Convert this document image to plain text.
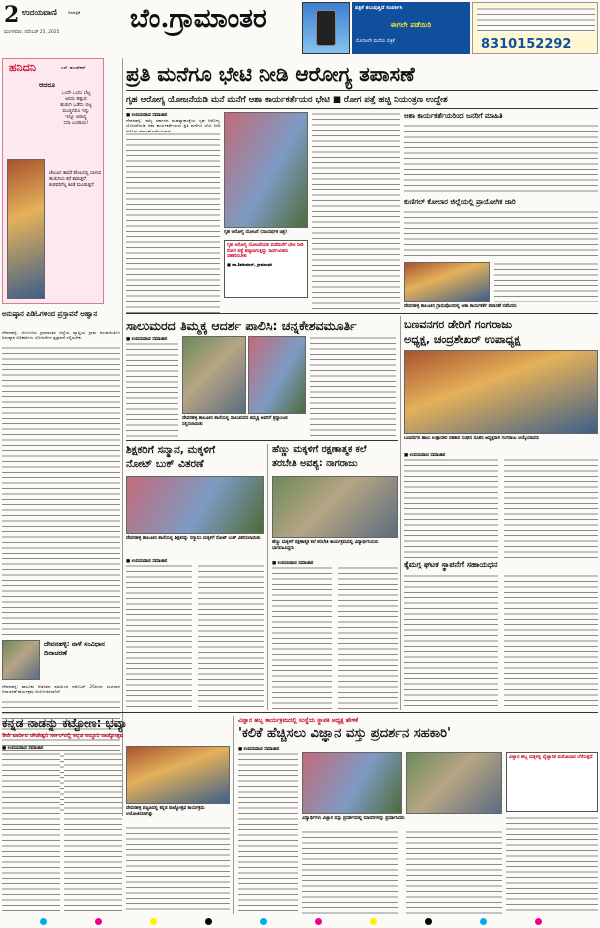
2 ಉದಯವಾಣಿ	ದಿನಪತ್ರಿಕೆ
ಮಂಗಳವಾರ, ನವೆಂಬರ್ 25, 2025	ಬೆಂ.ಗ್ರಾಮಾಂತರ	ಪತ್ರಿಕೆ ತಲುಪುತ್ತಿದೆ ಸಂಪರ್ಕಿಸಿ
ಈಗಲೇ ಪಡೆಯಿರಿ
ಮೊದಲನೇ ಮನೆಯ ಪತ್ರಿಕೆ	8310152292
ಹನಿದನಿ	ಎಸ್. ಹುಂಡೇಕರ್
ಆದರೂ
ಒಂದೇ ಒಂದು ಬೆಟ್ಟ
ಅವರು ಹತ್ತುವ
ಹುಡುಗಿ ಒಡೆದು ಬಿಟ್ಟ
ಮುಚ್ಚಿದರೂ ಇನ್ನು
ಇನ್ನೂ ಆರಾಧ್ಯ
ಸದಾ ಬಂಡಾಯ!
ಚೆಲುವಿನ ತಾವರೆ ಹೊಲದಲ್ಲಿ ಬಾಳುವ ಹುಡುಗಿಯ ಕಥೆ ಕಾಡುತ್ತದೆ ಕಂಡವರಿಗೆಲ್ಲ ಕವಿತೆ ಮೂಡುತ್ತದೆ
ಅನುಷ್ಠಾನ ಪಿಡಿಓಗಳಿಂದ ಪ್ರಸ್ತಾವನೆ ಆಹ್ವಾನ
ದೇವನಹಳ್ಳಿ: ಬೆಂಗಳೂರು ಗ್ರಾಮಾಂತರ ಜಿಲ್ಲೆಯ ವ್ಯಾಪ್ತಿಯ ಗ್ರಾಮ ಪಂಚಾಯಿತಿಗಳ ಅನುಷ್ಠಾನ ಅಧಿಕಾರಿಗಳು ಯೋಜನೆಗಳ ಪ್ರಸ್ತಾವನೆ ಸಲ್ಲಿಸಬೇಕು
ದೇವನಹಳ್ಳಿ: ನಾಳೆ ಸಂವಿಧಾನ ದಿನಾಚರಣೆ
ದೇವನಹಳ್ಳಿ: ತಾಲೂಕು ಆಡಳಿತದ ವತಿಯಿಂದ ನವೆಂಬರ್ 26ರಂದು ಸಂವಿಧಾನ ದಿನಾಚರಣೆ ಕಾರ್ಯಕ್ರಮ ಆಯೋಜಿಸಲಾಗಿದೆ
ಪ್ರತಿ ಮನೆಗೂ ಭೇಟಿ ನೀಡಿ ಆರೋಗ್ಯ ತಪಾಸಣೆ
ಗೃಹ ಆರೋಗ್ಯ ಯೋಜನೆಯಡಿ ಮನೆ ಮನೆಗೆ ಆಶಾ ಕಾರ್ಯಕರ್ತೆಯರ ಭೇಟಿ ■ ರೋಗ ಪತ್ತೆ ಹಚ್ಚಿ ನಿಯಂತ್ರಣ ಉದ್ದೇಶ
■ ಉದಯವಾಣಿ ಸಮಾಚಾರ
ದೇವನಹಳ್ಳಿ: ರಾಜ್ಯ ಸರ್ಕಾರದ ಮಹತ್ವಾಕಾಂಕ್ಷೆಯ ಗೃಹ ಆರೋಗ್ಯ ಯೋಜನೆಯಡಿ ಆಶಾ ಕಾರ್ಯಕರ್ತೆಯರು ಪ್ರತಿ ಮನೆಗೂ ಭೇಟಿ ನೀಡಿ
ಗೃಹ ಆರೋಗ್ಯ ಯೋಜನೆ (ಸಾಂದರ್ಭಿಕ ಚಿತ್ರ)
ಗೃಹ ಆರೋಗ್ಯ ಯೋಜನೆಯಡಿ ಮನೆಮನೆಗೆ ಭೇಟಿ ನೀಡಿ ರೋಗ ಪತ್ತೆ ಹಚ್ಚಲಾಗುತ್ತಿದ್ದು ಸಾರ್ವಜನಿಕರು ಸಹಕರಿಸಬೇಕು
■ ಡಾ.ಶಿವಕುಮಾರ್, ಗ್ರಾಮಾಂತರ
ಆಶಾ ಕಾರ್ಯಕರ್ತೆಯರಿಂದ ಜನರಿಗೆ ಮಾಹಿತಿ
ಕುಣಿಗಲ್ ಕೋಲಾರ ಜಿಲ್ಲೆಯಲ್ಲಿ ಪ್ರಾಯೋಗಿಕ ಜಾರಿ
ದೇವನಹಳ್ಳಿ ತಾಲೂಕಿನ ಗ್ರಾಮವೊಂದರಲ್ಲಿ ಆಶಾ ಕಾರ್ಯಕರ್ತೆ ತಪಾಸಣೆ ನಡೆಸಿದರು
ಸಾಲುಮರದ ತಿಮ್ಮಕ್ಕ ಆದರ್ಶ ಪಾಲಿಸಿ: ಚನ್ನಕೇಶವಮೂರ್ತಿ
■ ಉದಯವಾಣಿ ಸಮಾಚಾರ
ದೇವನಹಳ್ಳಿ ತಾಲೂಕಿನ ಶಾಲೆಯಲ್ಲಿ ಸಾಲುಮರದ ತಿಮ್ಮಕ್ಕ ಅವರಿಗೆ ಶ್ರದ್ಧಾಂಜಲಿ ಸಲ್ಲಿಸಲಾಯಿತು
ಬಣವನಗರ ಡೇರಿಗೆ ಗಂಗರಾಜು
ಅಧ್ಯಕ್ಷ, ಚಂದ್ರಶೇಖರ್ ಉಪಾಧ್ಯಕ್ಷ
ಬಣವನಗರ ಹಾಲು ಉತ್ಪಾದಕರ ಸಹಕಾರ ಸಂಘದ ನೂತನ ಅಧ್ಯಕ್ಷರಾಗಿ ಗಂಗರಾಜು ಆಯ್ಕೆಯಾದರು
■ ಉದಯವಾಣಿ ಸಮಾಚಾರ
ಕೈಮಗ್ಗ ಘಟಕ ಸ್ಥಾಪನೆಗೆ ಸಹಾಯಧನ
ಶಿಕ್ಷಕರಿಗೆ ಸನ್ಮಾನ, ಮಕ್ಕಳಿಗೆ
ನೋಟ್ ಬುಕ್ ವಿತರಣೆ
ದೇವನಹಳ್ಳಿ ತಾಲೂಕಿನ ಶಾಲೆಯಲ್ಲಿ ಶಿಕ್ಷಕರನ್ನು ಸನ್ಮಾನಿಸಿ ಮಕ್ಕಳಿಗೆ ನೋಟ್ ಬುಕ್ ವಿತರಿಸಲಾಯಿತು
■ ಉದಯವಾಣಿ ಸಮಾಚಾರ
ಹೆಣ್ಣು ಮಕ್ಕಳಿಗೆ ರಕ್ಷಣಾತ್ಮಕ ಕಲೆ
ತರಬೇತಿ ಅವಶ್ಯ: ನಾಗರಾಜು
ಹೆಣ್ಣು ಮಕ್ಕಳಿಗೆ ರಕ್ಷಣಾತ್ಮಕ ಕಲೆ ತರಬೇತಿ ಕಾರ್ಯಕ್ರಮದಲ್ಲಿ ವಿದ್ಯಾರ್ಥಿನಿಯರು ಭಾಗವಹಿಸಿದ್ದರು
■ ಉದಯವಾಣಿ ಸಮಾಚಾರ
ಕನ್ನಡ ನಾಡನ್ನು ಕಟ್ಟೋಣ: ಭವ್ಯಾ
9ನೇ ವಾರ್ಡಿನ ಚೌಡೇಶ್ವರಿ ಸರ್ಕಲ್‌ನಲ್ಲಿ ಕನ್ನಡ ಅದ್ದೂರಿ ರಾಜ್ಯೋತ್ಸವ
■ ಉದಯವಾಣಿ ಸಮಾಚಾರ
ದೇವನಹಳ್ಳಿ ಪಟ್ಟಣದಲ್ಲಿ ಕನ್ನಡ ರಾಜ್ಯೋತ್ಸವ ಕಾರ್ಯಕ್ರಮ ಆಯೋಜಿಸಲಾಗಿತ್ತು
ವಿಜ್ಞಾನ ಹಬ್ಬ ಕಾರ್ಯಕ್ರಮದಲ್ಲಿ ಸಂಸ್ಥೆಯ ಸ್ಥಾಪಕ ಅಧ್ಯಕ್ಷ ಹೇಳಿಕೆ
'ಕಲಿಕೆ ಹೆಚ್ಚಿಸಲು ವಿಜ್ಞಾನ ವಸ್ತು ಪ್ರದರ್ಶನ ಸಹಕಾರಿ'
■ ಉದಯವಾಣಿ ಸಮಾಚಾರ
ವಿದ್ಯಾರ್ಥಿಗಳು ವಿಜ್ಞಾನ ವಸ್ತು ಪ್ರದರ್ಶನದಲ್ಲಿ ಮಾದರಿಗಳನ್ನು ಪ್ರದರ್ಶಿಸಿದರು
ವಿಜ್ಞಾನ ಹಬ್ಬ ಮಕ್ಕಳಲ್ಲಿ ವೈಜ್ಞಾನಿಕ ಮನೋಭಾವ ಬೆಳೆಸುತ್ತದೆ
